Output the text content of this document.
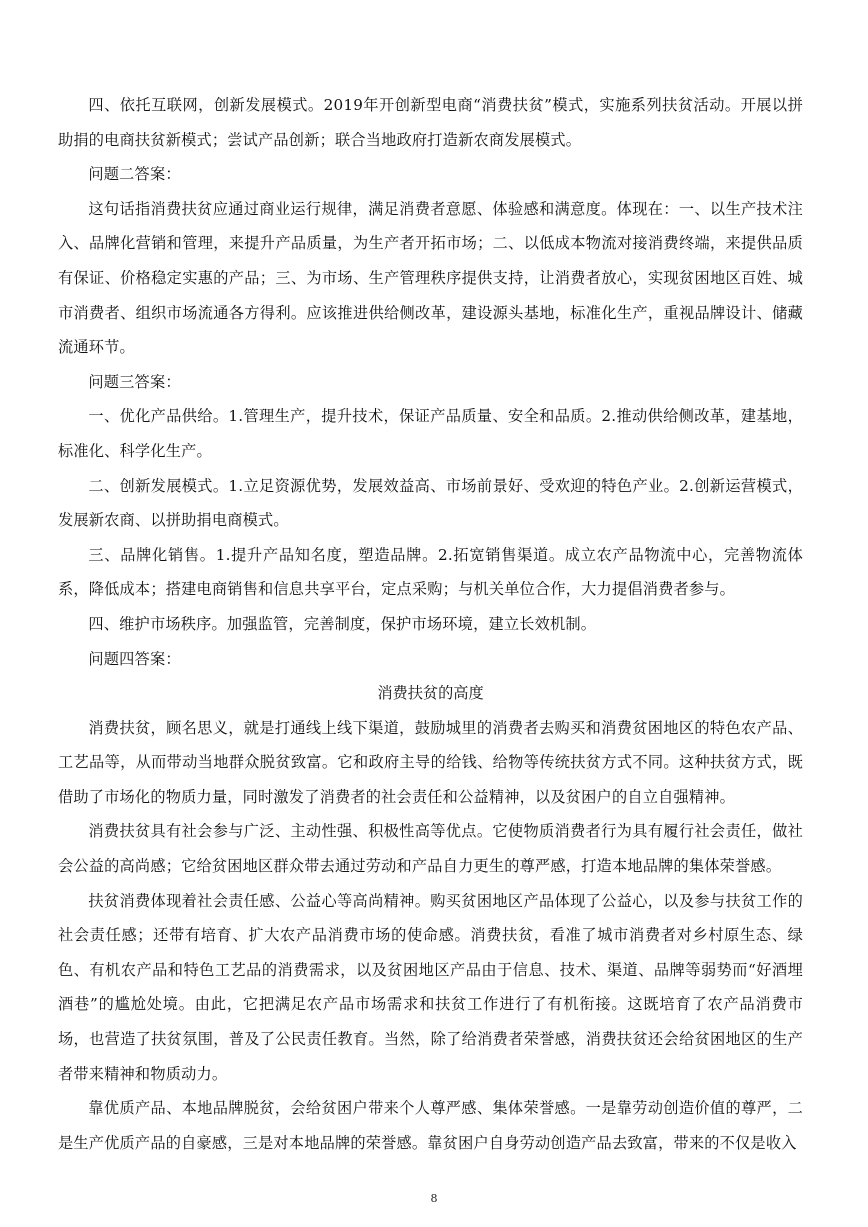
四、依托互联网，创新发展模式。2019年开创新型电商“消费扶贫”模式，实施系列扶贫活动。开展以拼助捐的电商扶贫新模式；尝试产品创新；联合当地政府打造新农商发展模式。

问题二答案：

这句话指消费扶贫应通过商业运行规律，满足消费者意愿、体验感和满意度。体现在：一、以生产技术注入、品牌化营销和管理，来提升产品质量，为生产者开拓市场；二、以低成本物流对接消费终端，来提供品质有保证、价格稳定实惠的产品；三、为市场、生产管理秩序提供支持，让消费者放心，实现贫困地区百姓、城市消费者、组织市场流通各方得利。应该推进供给侧改革，建设源头基地，标准化生产，重视品牌设计、储藏流通环节。

问题三答案：

一、优化产品供给。1.管理生产，提升技术，保证产品质量、安全和品质。2.推动供给侧改革，建基地，标准化、科学化生产。

二、创新发展模式。1.立足资源优势，发展效益高、市场前景好、受欢迎的特色产业。2.创新运营模式，发展新农商、以拼助捐电商模式。

三、品牌化销售。1.提升产品知名度，塑造品牌。2.拓宽销售渠道。成立农产品物流中心，完善物流体系，降低成本；搭建电商销售和信息共享平台，定点采购；与机关单位合作，大力提倡消费者参与。

四、维护市场秩序。加强监管，完善制度，保护市场环境，建立长效机制。

问题四答案：

消费扶贫的高度

消费扶贫，顾名思义，就是打通线上线下渠道，鼓励城里的消费者去购买和消费贫困地区的特色农产品、工艺品等，从而带动当地群众脱贫致富。它和政府主导的给钱、给物等传统扶贫方式不同。这种扶贫方式，既借助了市场化的物质力量，同时激发了消费者的社会责任和公益精神，以及贫困户的自立自强精神。

消费扶贫具有社会参与广泛、主动性强、积极性高等优点。它使物质消费者行为具有履行社会责任，做社会公益的高尚感；它给贫困地区群众带去通过劳动和产品自力更生的尊严感，打造本地品牌的集体荣誉感。

扶贫消费体现着社会责任感、公益心等高尚精神。购买贫困地区产品体现了公益心，以及参与扶贫工作的社会责任感；还带有培育、扩大农产品消费市场的使命感。消费扶贫，看准了城市消费者对乡村原生态、绿色、有机农产品和特色工艺品的消费需求，以及贫困地区产品由于信息、技术、渠道、品牌等弱势而“好酒埋酒巷”的尴尬处境。由此，它把满足农产品市场需求和扶贫工作进行了有机衔接。这既培育了农产品消费市场，也营造了扶贫氛围，普及了公民责任教育。当然，除了给消费者荣誉感，消费扶贫还会给贫困地区的生产者带来精神和物质动力。

靠优质产品、本地品牌脱贫，会给贫困户带来个人尊严感、集体荣誉感。一是靠劳动创造价值的尊严，二是生产优质产品的自豪感，三是对本地品牌的荣誉感。靠贫困户自身劳动创造产品去致富，带来的不仅是收入

8
